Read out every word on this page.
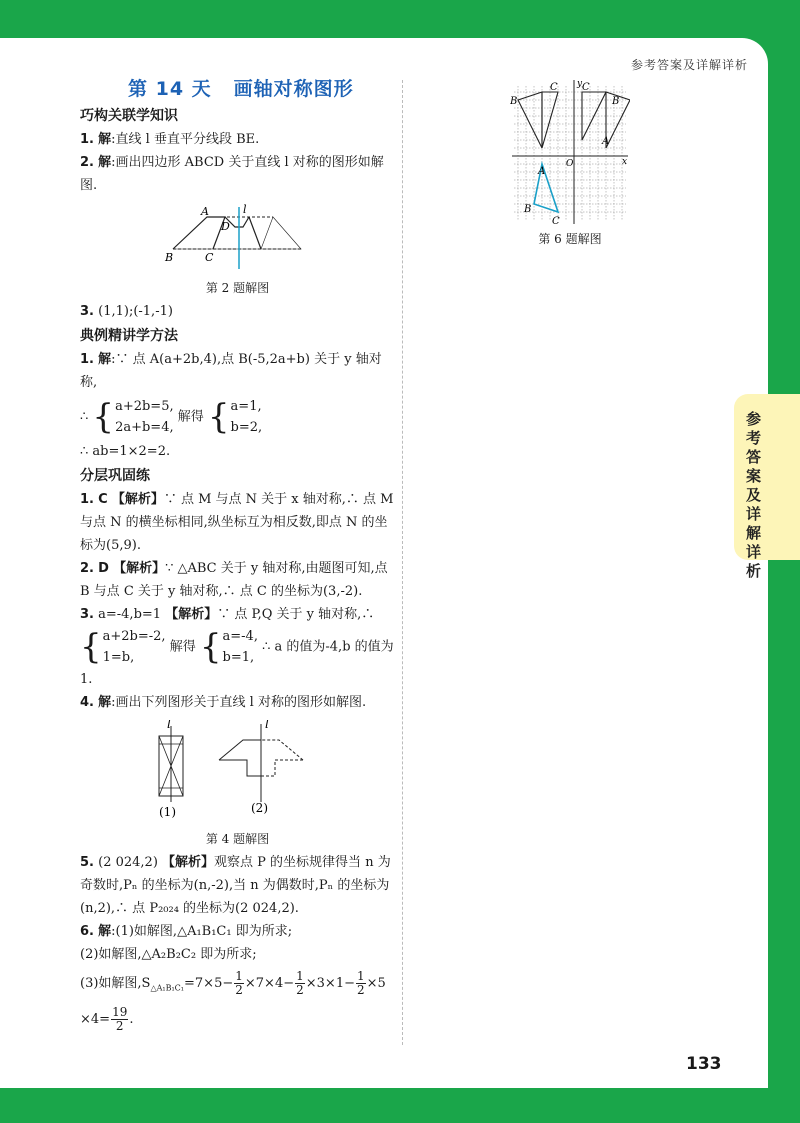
参考答案及详解详析
参考答案及详解详析
133
第 14 天 画轴对称图形
巧构关联学知识
1. 解:直线 l 垂直平分线段 BE.
2. 解:画出四边形 ABCD 关于直线 l 对称的图形如解图.
A
D
B	C
l
第 2 题解图
3. (1,1);(-1,-1)
典例精讲学方法
1. 解:∵ 点 A(a+2b,4),点 B(-5,2a+b) 关于 y 轴对称,
∴ { a+2b=5,
2a+b=4,
解得 { a=1,
b=2,
∴ ab=1×2=2.
分层巩固练
1. C 【解析】∵ 点 M 与点 N 关于 x 轴对称,∴ 点 M 与点 N 的横坐标相同,纵坐标互为相反数,即点 N 的坐标为(5,9).
2. D 【解析】∵ △ABC 关于 y 轴对称,由题图可知,点 B 与点 C 关于 y 轴对称,∴ 点 C 的坐标为(3,-2).
3. a=-4,b=1 【解析】∵ 点 P,Q 关于 y 轴对称,∴
{ a+2b=-2,
1=b,
解得 { a=-4,
b=1,
∴ a 的值为-4,b 的值为 1.
4. 解:画出下列图形关于直线 l 对称的图形如解图.
l	l
(1)	(2)
第 4 题解图
5. (2 024,2) 【解析】观察点 P 的坐标规律得当 n 为奇数时,Pₙ 的坐标为(n,-2),当 n 为偶数时,Pₙ 的坐标为(n,2),∴ 点 P₂₀₂₄ 的坐标为(2 024,2).
6. 解:(1)如解图,△A₁B₁C₁ 即为所求;
(2)如解图,△A₂B₂C₂ 即为所求;
(3)如解图$,S_{\triangle A_1B_1C_1}=7\times 5- \frac{1}{2} \times 7\times 4- \frac{1}{2} \times 3\times 1- \frac{1}{2} \times 5$
$\times 4= \frac{19}{2}$ .
B
C C
y
O	x
A
B
B
C
A
第 6 题解图
